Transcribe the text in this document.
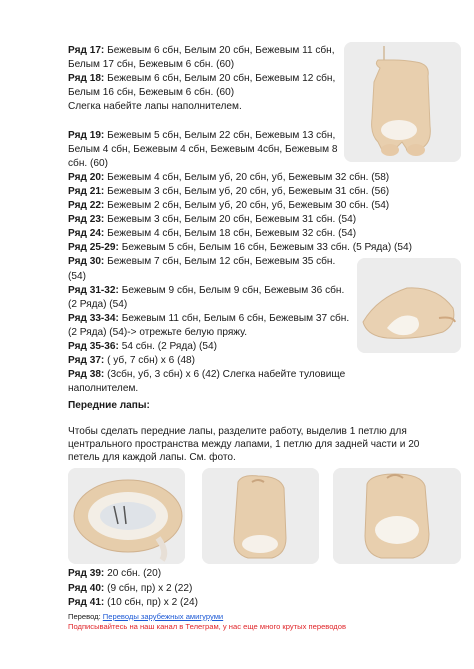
Ряд 17: Бежевым 6 сбн, Белым 20 сбн, Бежевым 11 сбн,
Белым 17 сбн, Бежевым 6 сбн. (60)
Ряд 18: Бежевым 6 сбн, Белым 20 сбн, Бежевым 12 сбн,
Белым 16 сбн, Бежевым 6 сбн. (60)
Слегка набейте лапы наполнителем.
Ряд 19: Бежевым 5 сбн, Белым 22 сбн, Бежевым 13 сбн,
Белым 4 сбн, Бежевым 4 сбн, Бежевым 4сбн, Бежевым 8
сбн. (60)
Ряд 20: Бежевым 4 сбн, Белым уб, 20 сбн, уб, Бежевым 32 сбн. (58)
Ряд 21: Бежевым 3 сбн, Белым уб, 20 сбн, уб, Бежевым 31 сбн. (56)
Ряд 22: Бежевым 2 сбн, Белым уб, 20 сбн, уб, Бежевым 30 сбн. (54)
Ряд 23: Бежевым 3 сбн, Белым 20 сбн, Бежевым 31 сбн. (54)
Ряд 24: Бежевым 4 сбн, Белым 18 сбн, Бежевым 32 сбн. (54)
Ряд 25-29: Бежевым 5 сбн, Белым 16 сбн, Бежевым 33 сбн. (5 Ряда) (54)
Ряд 30: Бежевым 7 сбн, Белым 12 сбн, Бежевым 35 сбн.
(54)
Ряд 31-32: Бежевым 9 сбн, Белым 9 сбн, Бежевым 36 сбн.
(2 Ряда) (54)
Ряд 33-34: Бежевым 11 сбн, Белым 6 сбн, Бежевым 37 сбн.
(2 Ряда) (54)-> отрежьте белую пряжу.
Ряд 35-36: 54 сбн. (2 Ряда) (54)
Ряд 37: ( уб, 7 сбн) x 6 (48)
Ряд 38: (3сбн, уб, 3 сбн) x 6 (42) Слегка набейте туловище
наполнителем.
Передние лапы:
Чтобы сделать передние лапы, разделите работу, выделив 1 петлю для
центрального пространства между лапами, 1 петлю для задней части и 20
петель для каждой лапы. См. фото.
Ряд 39: 20 сбн. (20)
Ряд 40: (9 сбн, пр) x 2 (22)
Ряд 41: (10 сбн, пр) x 2 (24)
Перевод: Переводы зарубежных амигуруми
Подписывайтесь на наш канал в Телеграм, у нас еще много крутых переводов
